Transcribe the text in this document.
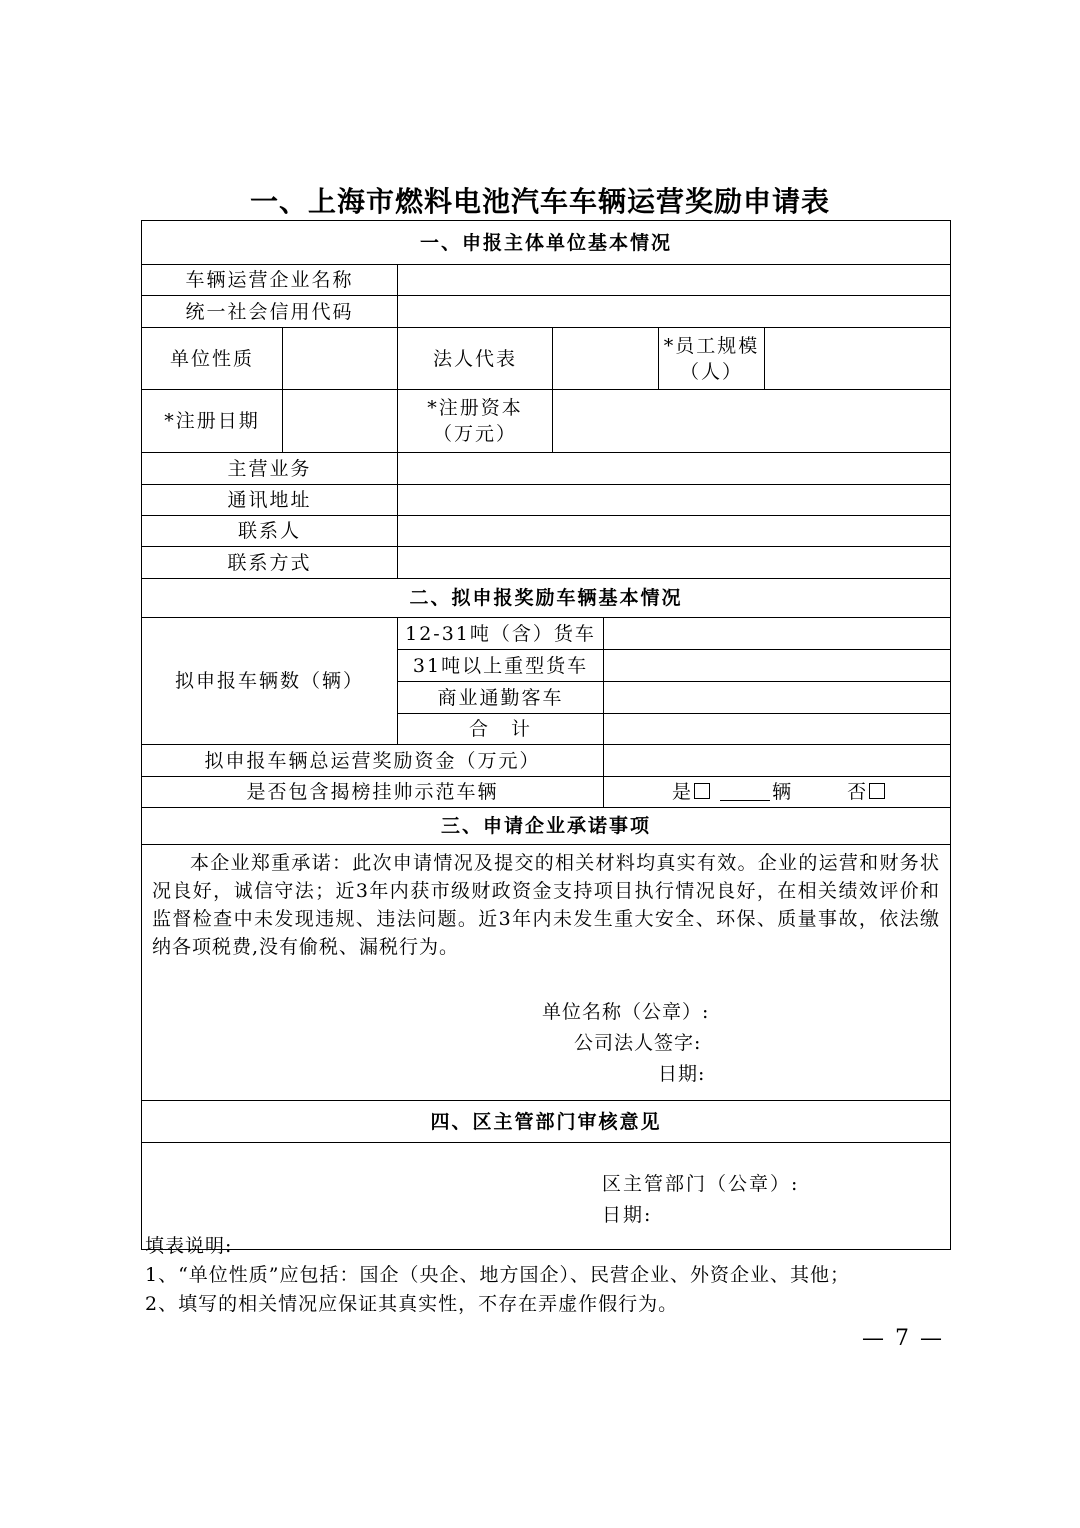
一、上海市燃料电池汽车车辆运营奖励申请表
一、申报主体单位基本情况						
车辆运营企业名称						
统一社会信用代码						
单位性质		法人代表			*员工规模
（人）	

*注册日期		*注册资本
（万元）				

主营业务						
通讯地址						
联系人						
联系方式						
二、拟申报奖励车辆基本情况						
拟申报车辆数（辆）		12-31吨（含）货车				
		31吨以上重型货车				
		商业通勤客车				
		合　计				
拟申报车辆总运营奖励资金（万元）						
是否包含揭榜挂帅示范车辆				是 辆 否		
三、申请企业承诺事项						

本企业郑重承诺：此次申请情况及提交的相关材料均真实有效。企业的运营和财务状况良好，诚信守法；近3年内获市级财政资金支持项目执行情况良好，在相关绩效评价和监督检查中未发现违规、违法问题。近3年内未发生重大安全、环保、质量事故，依法缴纳各项税费,没有偷税、漏税行为。

单位名称（公章）:
公司法人签字:
日期:						

四、区主管部门审核意见						

区主管部门（公章）:
日期:						
填表说明:
1、“单位性质”应包括：国企（央企、地方国企）、民营企业、外资企业、其他；
2、填写的相关情况应保证其真实性，不存在弄虚作假行为。
— 7 —
